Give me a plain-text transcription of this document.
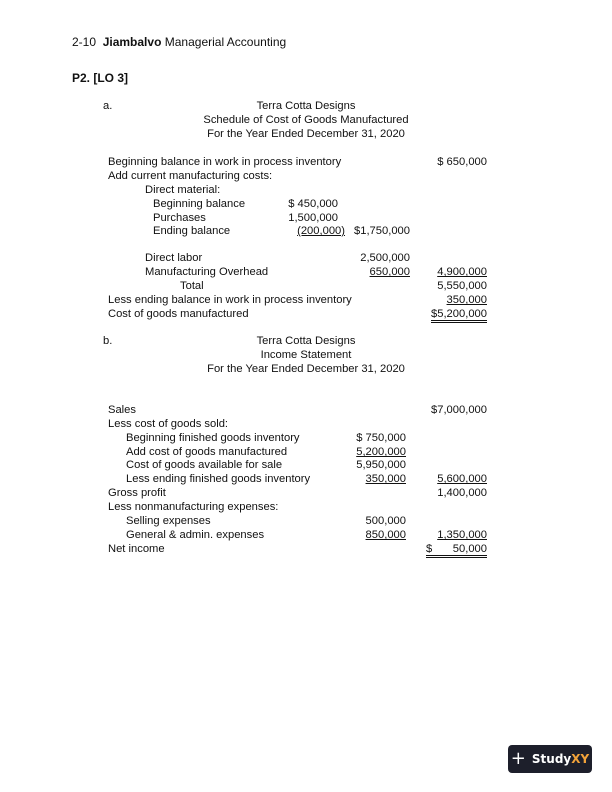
2-10 Jiambalvo Managerial Accounting
P2. [LO 3]
a.	Terra Cotta Designs
Schedule of Cost of Goods Manufactured
For the Year Ended December 31, 2020
Beginning balance in work in process inventory	$ 650,000
Add current manufacturing costs:
Direct material:
Beginning balance	$ 450,000
Purchases	1,500,000
Ending balance	(200,000) $1,750,000
Direct labor	2,500,000
Manufacturing Overhead	650,000 4,900,000
Total	5,550,000
Less ending balance in work in process inventory	350,000
Cost of goods manufactured	$5,200,000
b.	Terra Cotta Designs
Income Statement
For the Year Ended December 31, 2020
Sales	$7,000,000
Less cost of goods sold:
Beginning finished goods inventory	$ 750,000
Add cost of goods manufactured	5,200,000
Cost of goods available for sale	5,950,000
Less ending finished goods inventory	350,000	5,600,000
Gross profit	1,400,000
Less nonmanufacturing expenses:
Selling expenses	500,000
General & admin. expenses	850,000	1,350,000
Net income	$ 50,000
+ StudyXY
